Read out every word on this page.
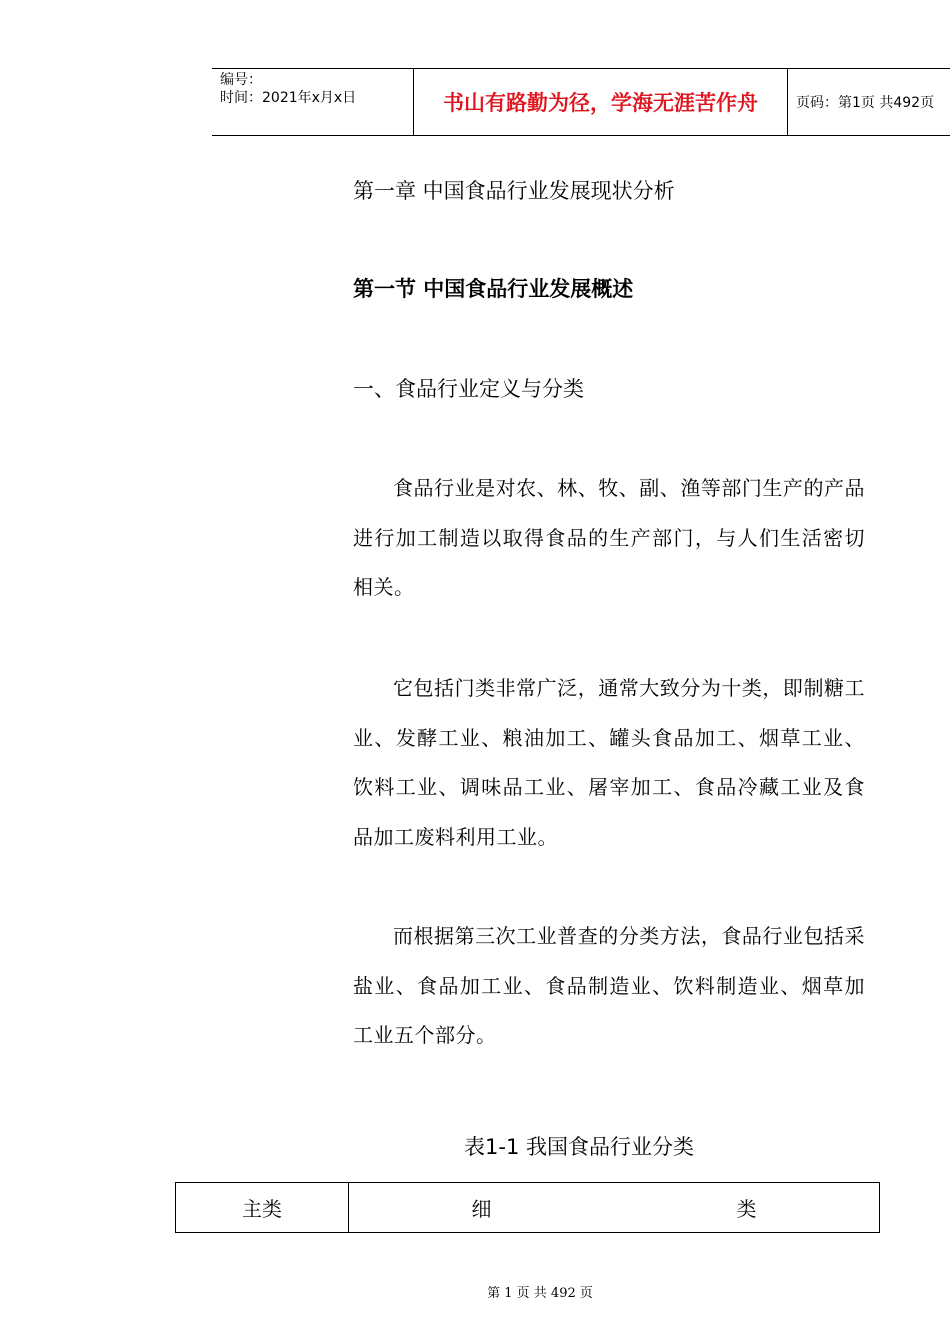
编号：
时间：2021年x月x日	书山有路勤为径，学海无涯苦作舟	页码：第1页 共492页
第一章 中国食品行业发展现状分析
第一节 中国食品行业发展概述
一、食品行业定义与分类

食品行业是对农、林、牧、副、渔等部门生产的产品进行加工制造以取得食品的生产部门，与人们生活密切相关。

它包括门类非常广泛，通常大致分为十类，即制糖工业、发酵工业、粮油加工、罐头食品加工、烟草工业、饮料工业、调味品工业、屠宰加工、食品冷藏工业及食品加工废料利用工业。

而根据第三次工业普查的分类方法，食品行业包括采盐业、食品加工业、食品制造业、饮料制造业、烟草加工业五个部分。

表1-1 我国食品行业分类
主类	细	类
第 1 页 共 492 页
